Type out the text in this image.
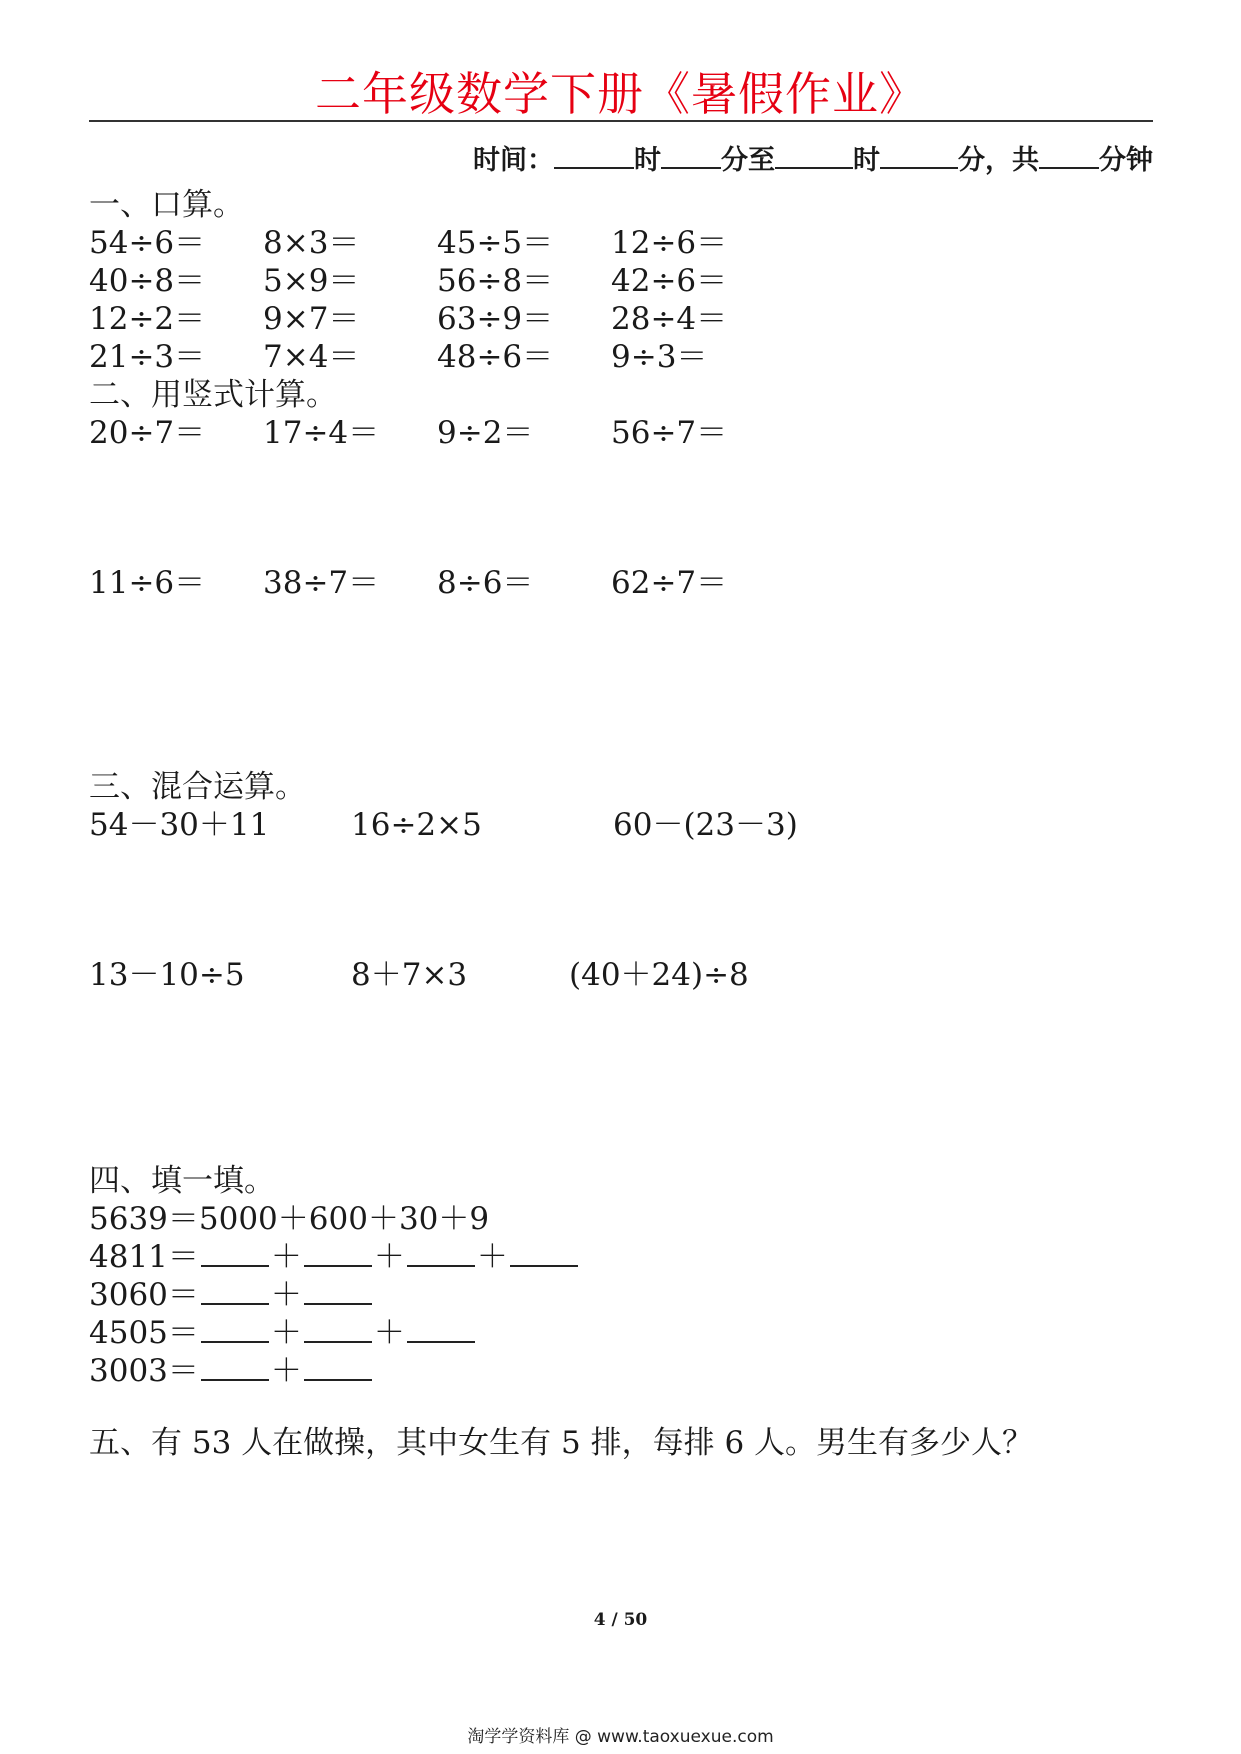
二年级数学下册《暑假作业》
时间：	时 分至	时	分，共 分钟
一、口算。
54÷6＝ 8×3＝	45÷5＝ 12÷6＝
40÷8＝ 5×9＝	56÷8＝ 42÷6＝
12÷2＝ 9×7＝	63÷9＝ 28÷4＝
21÷3＝ 7×4＝	48÷6＝ 9÷3＝
二、用竖式计算。
20÷7＝ 17÷4＝ 9÷2＝	56÷7＝
11÷6＝ 38÷7＝ 8÷6＝	62÷7＝
三、混合运算。
54－30＋11	16÷2×5	60－(23－3)
13－10÷5	8＋7×3	(40＋24)÷8
四、填一填。
5639＝5000＋600＋30＋9
4811＝ ＋ ＋ ＋
3060＝ ＋
4505＝ ＋ ＋
3003＝ ＋
五、有 53 人在做操，其中女生有 5 排，每排 6 人。男生有多少人？
4 / 50
淘学学资料库 @ www.taoxuexue.com
